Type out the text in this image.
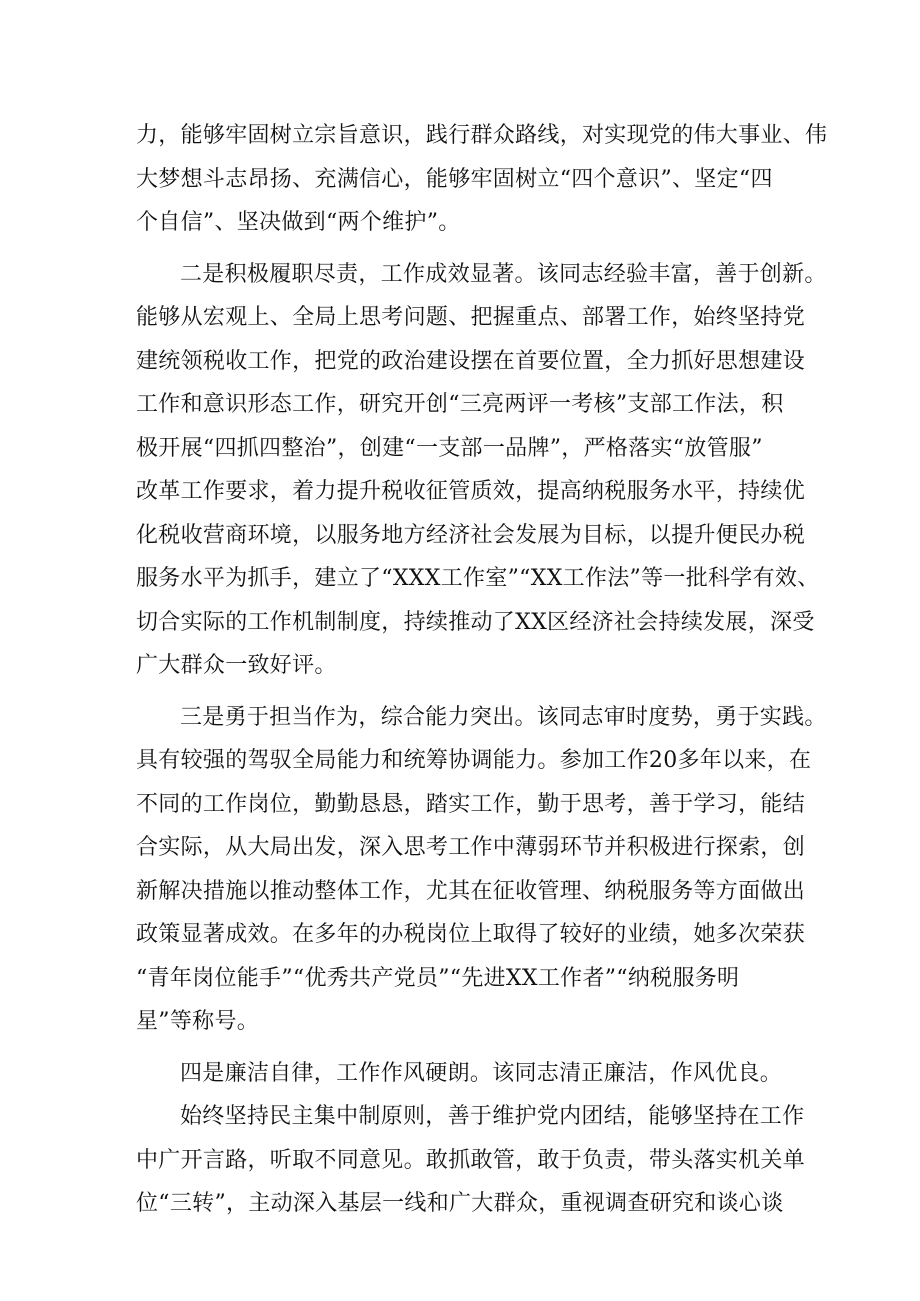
力，能够牢固树立宗旨意识，践行群众路线，对实现党的伟大事业、伟
大梦想斗志昂扬、充满信心，能够牢固树立“四个意识”、坚定“四
个自信”、坚决做到“两个维护”。
二是积极履职尽责，工作成效显著。该同志经验丰富，善于创新。
能够从宏观上、全局上思考问题、把握重点、部署工作，始终坚持党
建统领税收工作，把党的政治建设摆在首要位置，全力抓好思想建设
工作和意识形态工作，研究开创“三亮两评一考核”支部工作法，积
极开展“四抓四整治”，创建“一支部一品牌”，严格落实“放管服”
改革工作要求，着力提升税收征管质效，提高纳税服务水平，持续优
化税收营商环境，以服务地方经济社会发展为目标，以提升便民办税
服务水平为抓手，建立了“XXX工作室”“XX工作法”等一批科学有效、
切合实际的工作机制制度，持续推动了XX区经济社会持续发展，深受
广大群众一致好评。
三是勇于担当作为，综合能力突出。该同志审时度势，勇于实践。
具有较强的驾驭全局能力和统筹协调能力。参加工作20多年以来，在
不同的工作岗位，勤勤恳恳，踏实工作，勤于思考，善于学习，能结
合实际，从大局出发，深入思考工作中薄弱环节并积极进行探索，创
新解决措施以推动整体工作，尤其在征收管理、纳税服务等方面做出
政策显著成效。在多年的办税岗位上取得了较好的业绩，她多次荣获
“青年岗位能手”“优秀共产党员”“先进XX工作者”“纳税服务明
星”等称号。
四是廉洁自律，工作作风硬朗。该同志清正廉洁，作风优良。
始终坚持民主集中制原则，善于维护党内团结，能够坚持在工作
中广开言路，听取不同意见。敢抓敢管，敢于负责，带头落实机关单
位“三转”，主动深入基层一线和广大群众，重视调查研究和谈心谈
